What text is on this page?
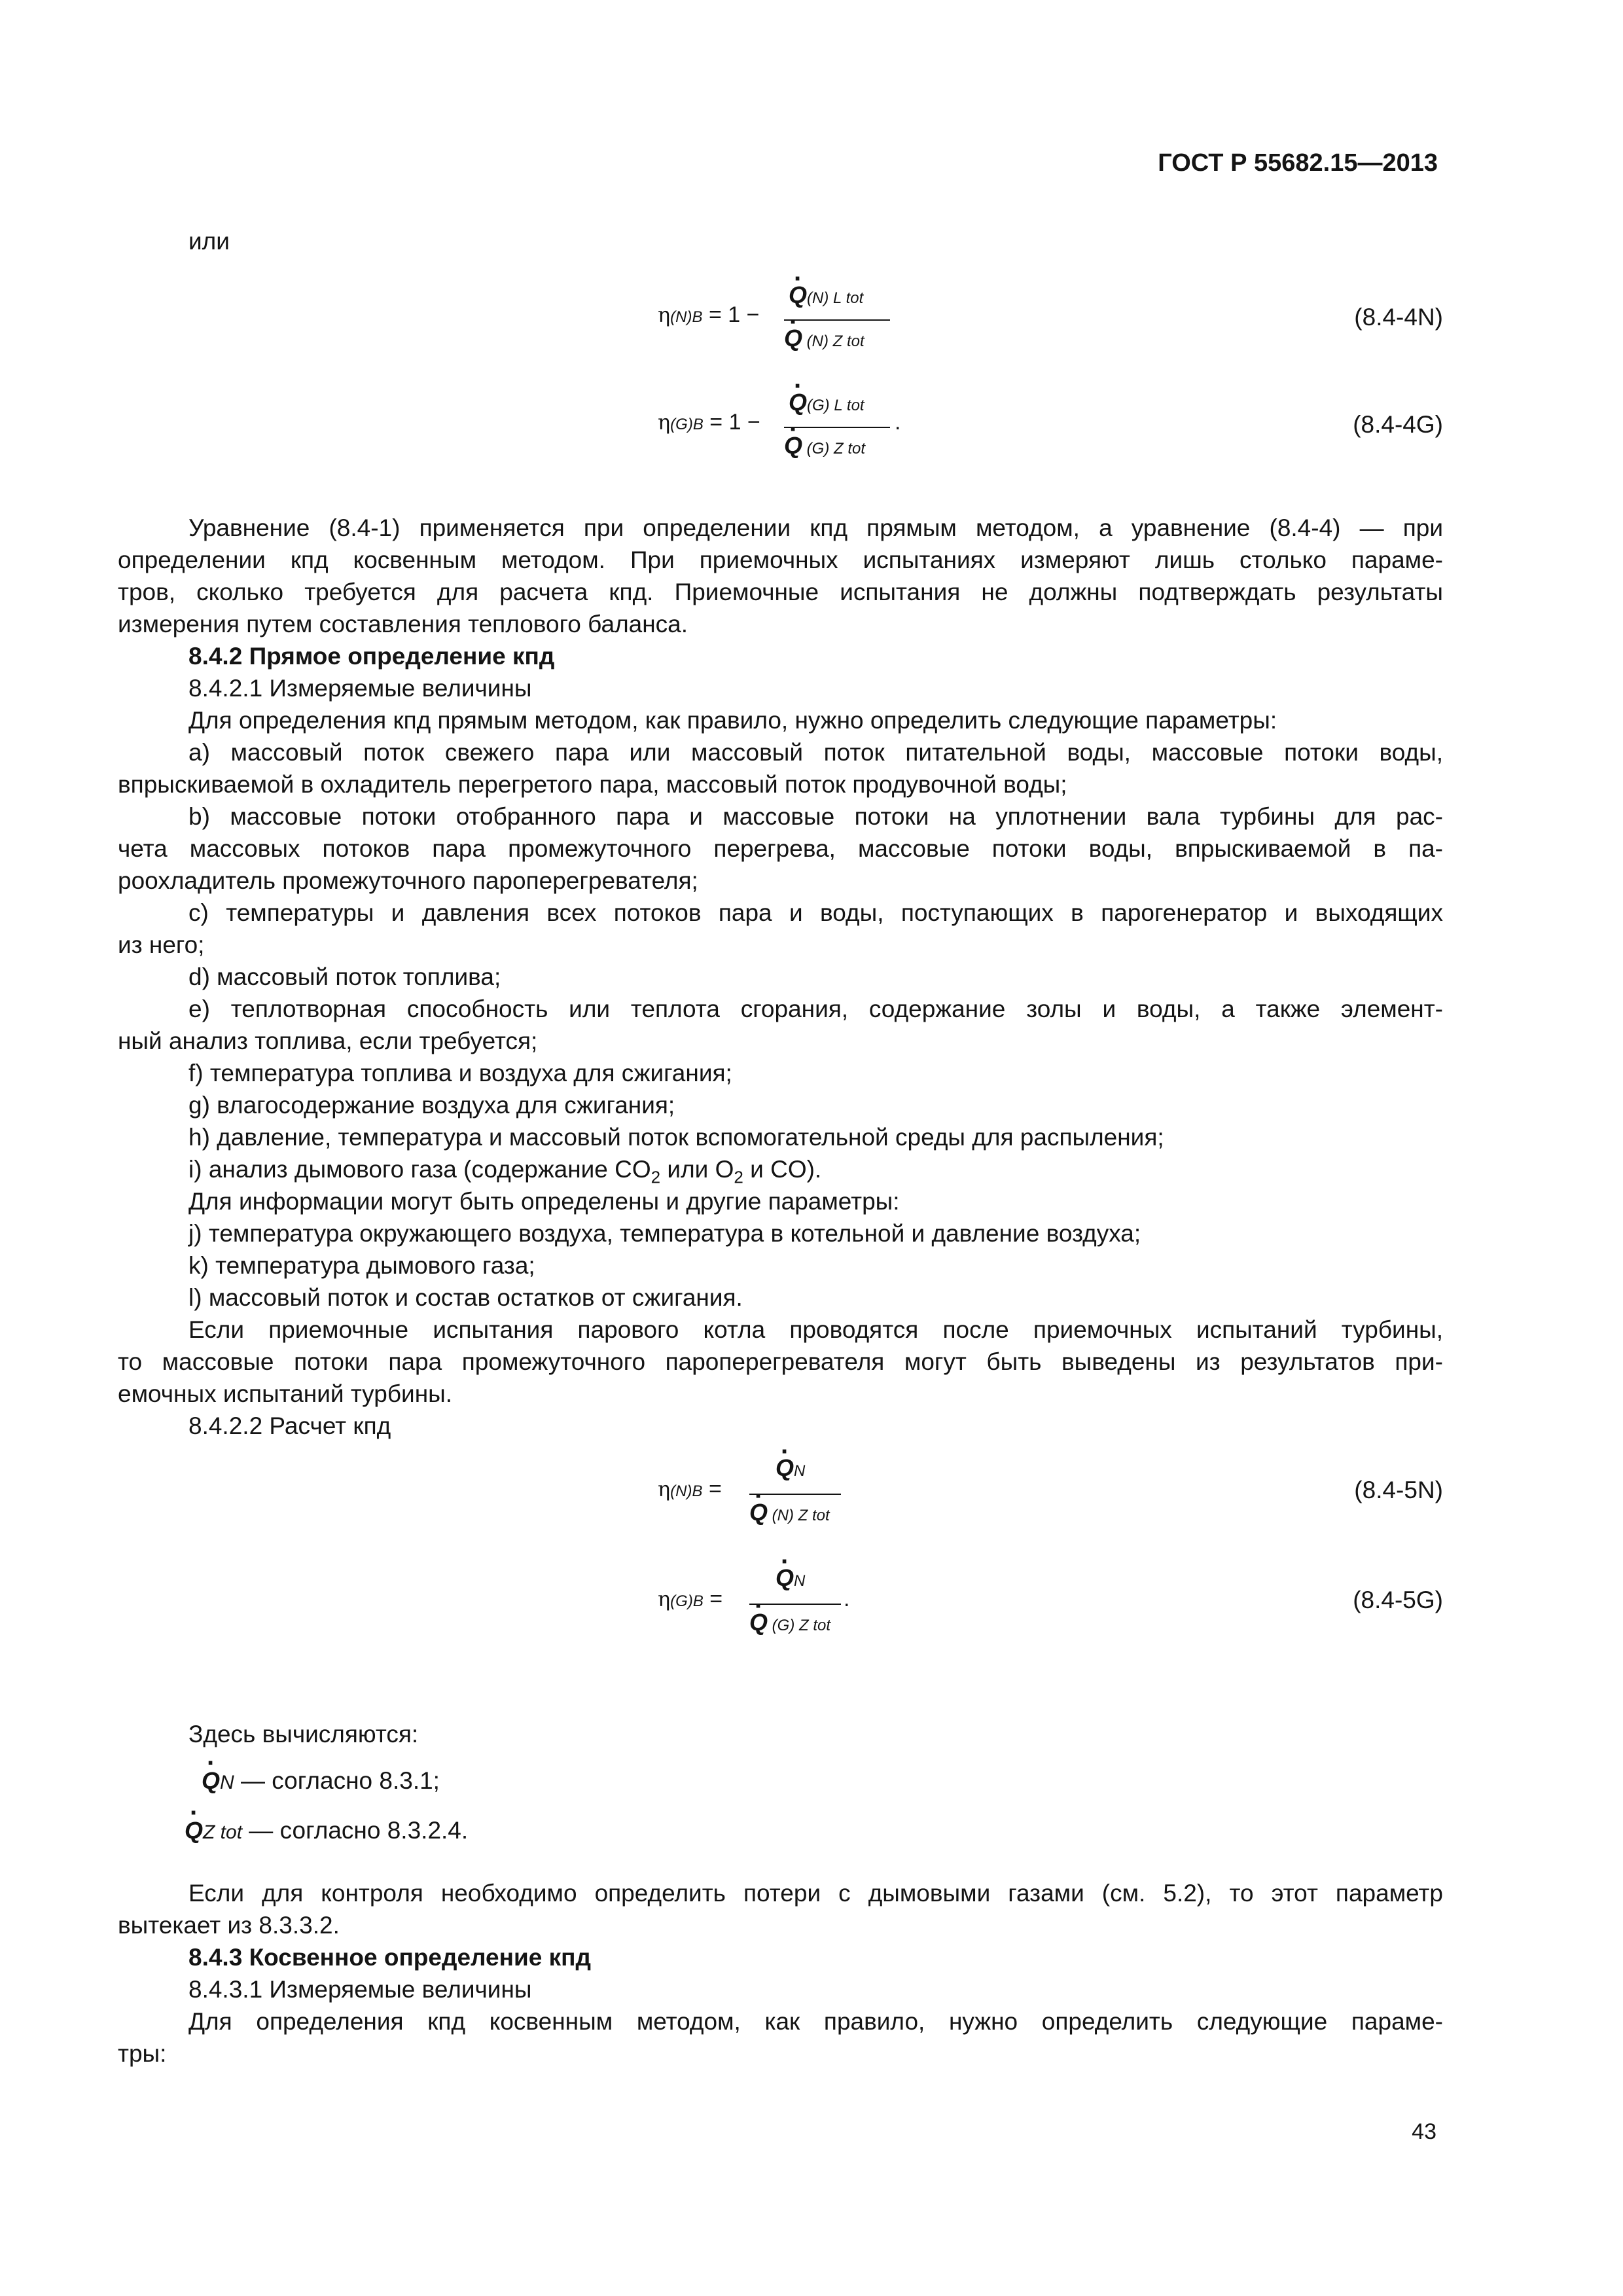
ГОСТ Р 55682.15—2013
или
η(N)B = 1 −
· Q(N) L tot
· Q (N) Z tot
(8.4-4N)
η(G)B = 1 −
· Q(G) L tot
· Q (G) Z tot
.	(8.4-4G)
Уравнение (8.4-1) применяется при определении кпд прямым методом, а уравнение (8.4-4) — при
определении кпд косвенным методом. При приемочных испытаниях измеряют лишь столько параме-
тров, сколько требуется для расчета кпд. Приемочные испытания не должны подтверждать результаты
измерения путем составления теплового баланса.
8.4.2 Прямое определение кпд
8.4.2.1 Измеряемые величины
Для определения кпд прямым методом, как правило, нужно определить следующие параметры:
a) массовый поток свежего пара или массовый поток питательной воды, массовые потоки воды,
впрыскиваемой в охладитель перегретого пара, массовый поток продувочной воды;
b) массовые потоки отобранного пара и массовые потоки на уплотнении вала турбины для рас-
чета массовых потоков пара промежуточного перегрева, массовые потоки воды, впрыскиваемой в па-
роохладитель промежуточного пароперегревателя;
c) температуры и давления всех потоков пара и воды, поступающих в парогенератор и выходящих
из него;
d) массовый поток топлива;
e) теплотворная способность или теплота сгорания, содержание золы и воды, а также элемент-
ный анализ топлива, если требуется;
f) температура топлива и воздуха для сжигания;
g) влагосодержание воздуха для сжигания;
h) давление, температура и массовый поток вспомогательной среды для распыления;
i) анализ дымового газа (содержание $CO_2$ или $O_2$ и CO).
Для информации могут быть определены и другие параметры:
j) температура окружающего воздуха, температура в котельной и давление воздуха;
k) температура дымового газа;
l) массовый поток и состав остатков от сжигания.
Если приемочные испытания парового котла проводятся после приемочных испытаний турбины,
то массовые потоки пара промежуточного пароперегревателя могут быть выведены из результатов при-
емочных испытаний турбины.
8.4.2.2 Расчет кпд
η(N)B =
· QN
· Q (N) Z tot
(8.4-5N)
η(G)B =
· QN
· Q (G) Z tot
.	(8.4-5G)
Здесь вычисляются:
· QN — согласно 8.3.1;
· QZ tot — согласно 8.3.2.4.
Если для контроля необходимо определить потери с дымовыми газами (см. 5.2), то этот параметр
вытекает из 8.3.3.2.
8.4.3 Косвенное определение кпд
8.4.3.1 Измеряемые величины
Для определения кпд косвенным методом, как правило, нужно определить следующие параме-
тры:
43
